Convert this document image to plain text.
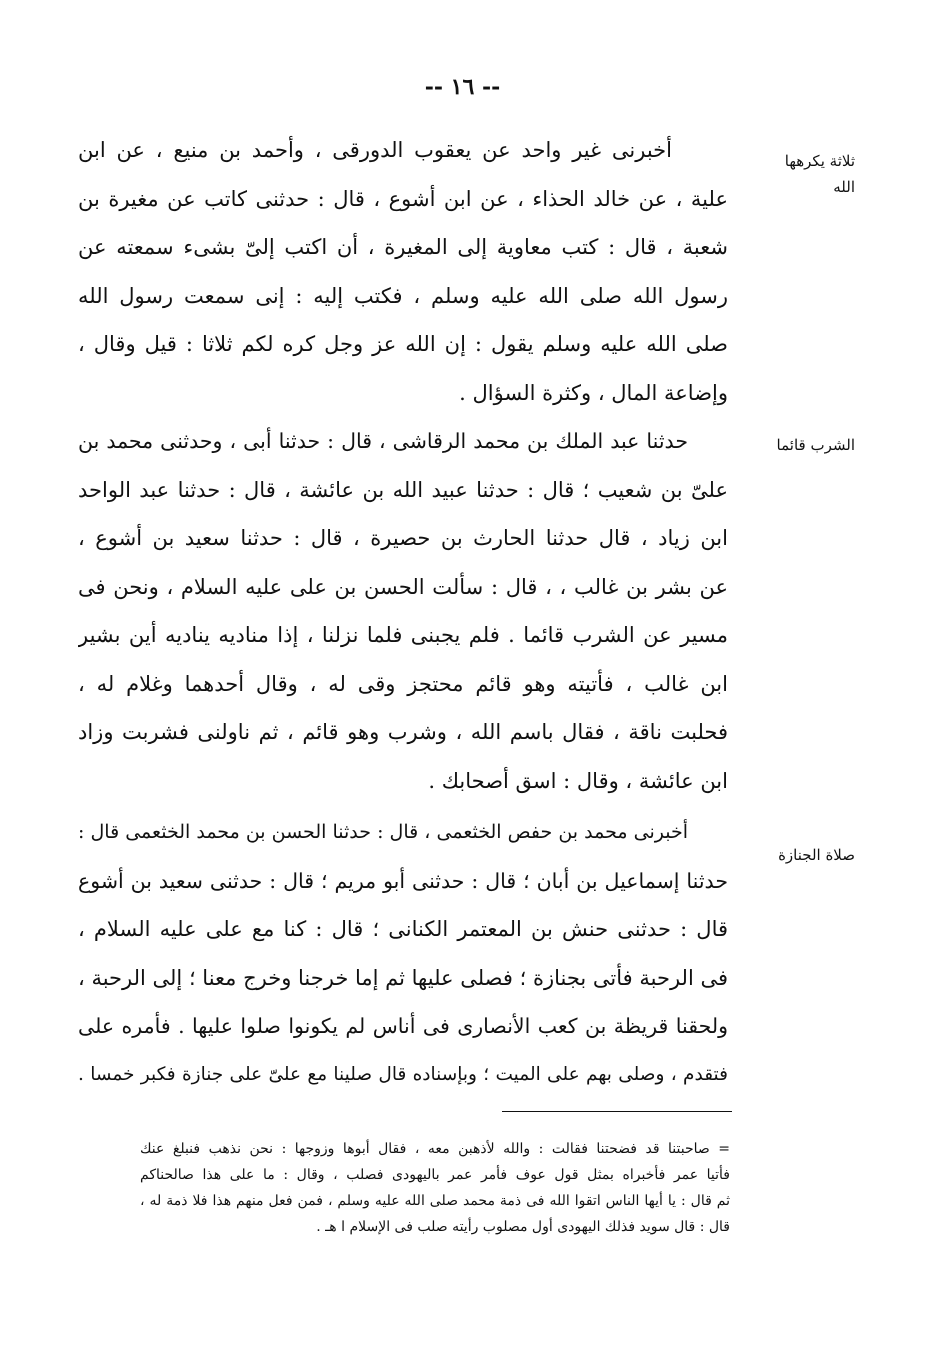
-- ١٦ --
ثلاثة يكرهها
الله
أخبرنى غير واحد عن يعقوب الدورقى ، وأحمد بن منيع ، عن ابن
علية ، عن خالد الحذاء ، عن ابن أشوع ، قال : حدثنى كاتب عن مغيرة بن
شعبة ، قال : كتب معاوية إلى المغيرة ، أن اكتب إلىّ بشىء سمعته عن
رسول الله صلى الله عليه وسلم ، فكتب إليه : إنى سمعت رسول الله
صلى الله عليه وسلم يقول : إن الله عز وجل كره لكم ثلاثا : قيل وقال ،
وإضاعة المال ، وكثرة السؤال .
الشرب قائما
حدثنا عبد الملك بن محمد الرقاشى ، قال : حدثنا أبى ، وحدثنى محمد بن
علىّ بن شعيب ؛ قال : حدثنا عبيد الله بن عائشة ، قال : حدثنا عبد الواحد
ابن زياد ، قال حدثنا الحارث بن حصيرة ، قال : حدثنا سعيد بن أشوع ،
عن بشر بن غالب ، ، قال : سألت الحسن بن على عليه السلام ، ونحن فى
مسير عن الشرب قائما . فلم يجبنى فلما نزلنا ، إذا مناديه يناديه أين بشير
ابن غالب ، فأتيته وهو قائم محتجز وقى له ، وقال أحدهما وغلام له ،
فحلبت ناقة ، فقال باسم الله ، وشرب وهو قائم ، ثم ناولنى فشربت وزاد
ابن عائشة ، وقال : اسق أصحابك .
صلاة الجنازة
أخبرنى محمد بن حفص الخثعمى ، قال : حدثنا الحسن بن محمد الخثعمى قال :
حدثنا إسماعيل بن أبان ؛ قال : حدثنى أبو مريم ؛ قال : حدثنى سعيد بن أشوع
قال : حدثنى حنش بن المعتمر الكنانى ؛ قال : كنا مع على عليه السلام ،
فى الرحبة فأتى بجنازة ؛ فصلى عليها ثم إما خرجنا وخرج معنا ؛ إلى الرحبة ،
ولحقنا قريظة بن كعب الأنصارى فى أناس لم يكونوا صلوا عليها . فأمره على
فتقدم ، وصلى بهم على الميت ؛ وبإسناده قال صلينا مع علىّ على جنازة فكبر خمسا .
= صاحبتنا قد فضحتنا فقالت : والله لأذهبن معه ، فقال أبوها وزوجها : نحن نذهب فنبلغ عنك
فأتيا عمر فأخبراه بمثل قول عوف فأمر عمر باليهودى فصلب ، وقال : ما على هذا صالحناكم
ثم قال : يا أيها الناس اتقوا الله فى ذمة محمد صلى الله عليه وسلم ، فمن فعل منهم هذا فلا ذمة له ،
قال : قال سويد فذلك اليهودى أول مصلوب رأيته صلب فى الإسلام ا هـ .
